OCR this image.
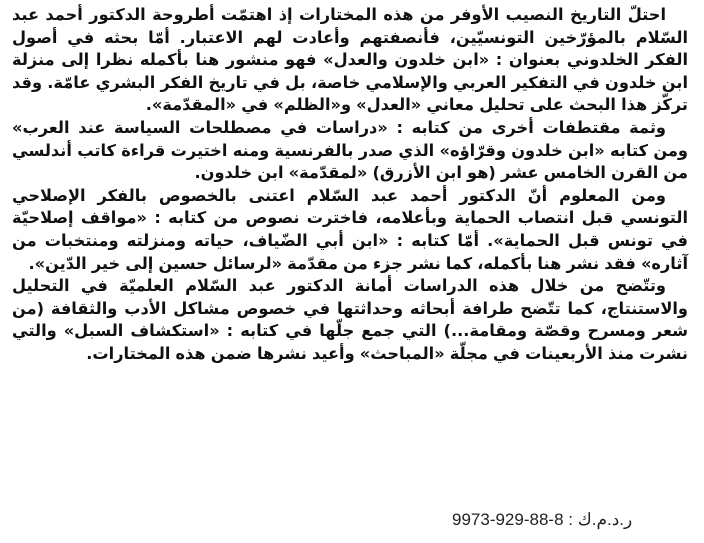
احتلّ التاريخ النصيب الأوفر من هذه المختارات إذ اهتمّت أطروحة الدكتور أحمد عبد السّلام بالمؤرّخين التونسيّين، فأنصفتهم وأعادت لهم الاعتبار. أمّا بحثه في أصول الفكر الخلدوني بعنوان : «ابن خلدون والعدل» فهو منشور هنا بأكمله نظرا إلى منزلة ابن خلدون في التفكير العربي والإسلامي خاصة، بل في تاريخ الفكر البشري عامّة. وقد تركّز هذا البحث على تحليل معاني «العدل» و«الظلم» في «المقدّمة».

وثمة مقتطفات أخرى من كتابه : «دراسات في مصطلحات السياسة عند العرب» ومن كتابه «ابن خلدون وقرّاؤه» الذي صدر بالفرنسية ومنه اختيرت قراءة كاتب أندلسي من القرن الخامس عشر (هو ابن الأزرق) «لمقدّمة» ابن خلدون.

ومن المعلوم أنّ الدكتور أحمد عبد السّلام اعتنى بالخصوص بالفكر الإصلاحي التونسي قبل انتصاب الحماية وبأعلامه، فاخترت نصوص من كتابه : «مواقف إصلاحيّة في تونس قبل الحماية». أمّا كتابه : «ابن أبي الضّياف، حياته ومنزلته ومنتخبات من آثاره» فقد نشر هنا بأكمله، كما نشر جزء من مقدّمة «لرسائل حسين إلى خير الدّين».

وتتّضح من خلال هذه الدراسات أمانة الدكتور عبد السّلام العلميّة في التحليل والاستنتاج، كما تتّضح طرافة أبحاثه وحداثتها في خصوص مشاكل الأدب والثقافة (من شعر ومسرح وقصّة ومقامة...) التي جمع جلّها في كتابه : «استكشاف السبل» والتي نشرت منذ الأربعينات في مجلّة «المباحث» وأعيد نشرها ضمن هذه المختارات.

9973-929-88-8 ر.د.م.ك :
